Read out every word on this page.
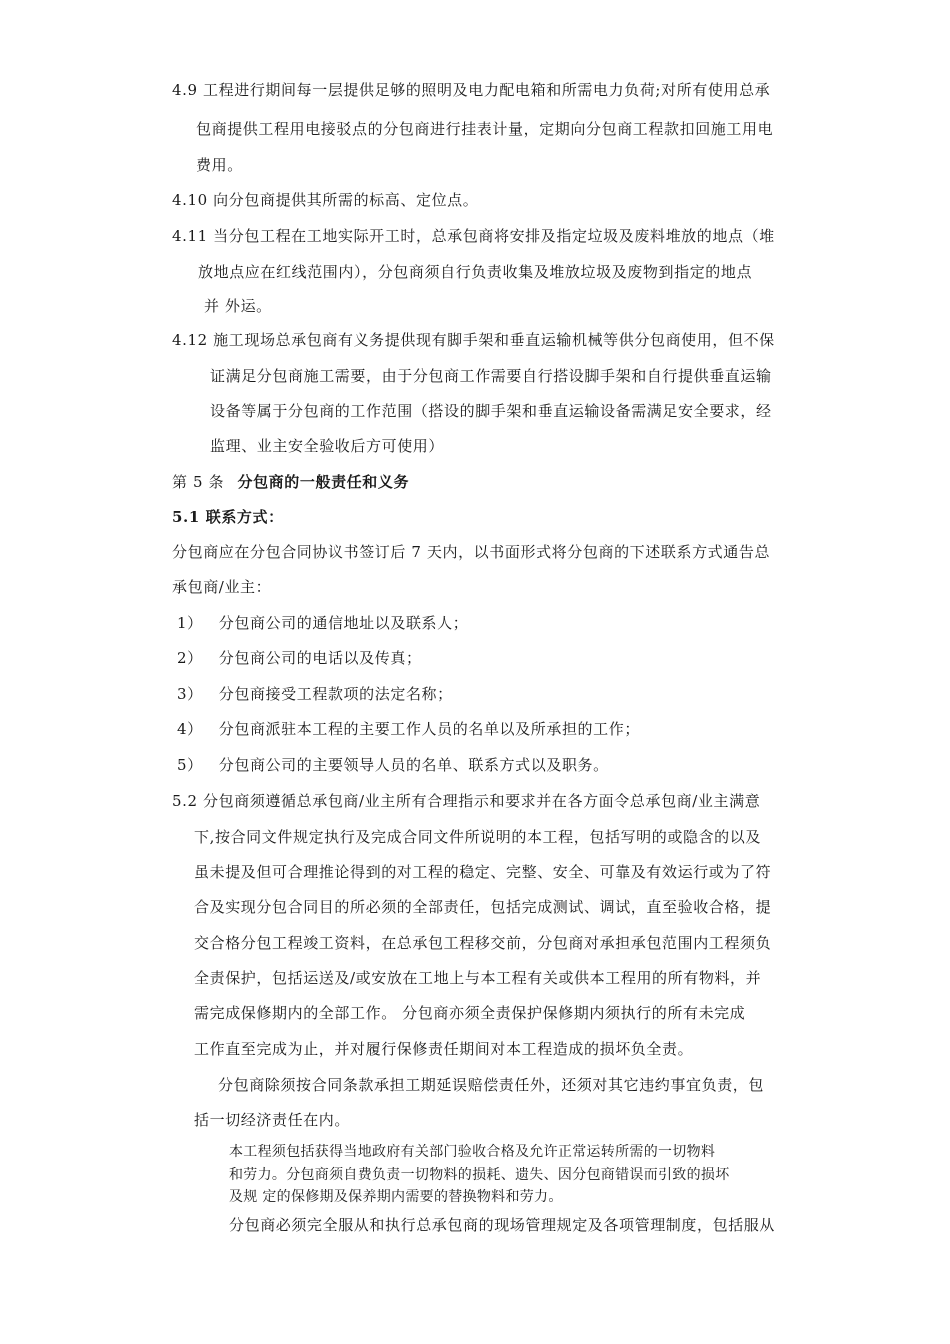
4.9 工程进行期间每一层提供足够的照明及电力配电箱和所需电力负荷;对所有使用总承
包商提供工程用电接驳点的分包商进行挂表计量，定期向分包商工程款扣回施工用电
费用。
4.10 向分包商提供其所需的标高、定位点。
4.11 当分包工程在工地实际开工时，总承包商将安排及指定垃圾及废料堆放的地点（堆
放地点应在红线范围内），分包商须自行负责收集及堆放垃圾及废物到指定的地点
并 外运。
4.12 施工现场总承包商有义务提供现有脚手架和垂直运输机械等供分包商使用，但不保
证满足分包商施工需要，由于分包商工作需要自行搭设脚手架和自行提供垂直运输
设备等属于分包商的工作范围（搭设的脚手架和垂直运输设备需满足安全要求，经
监理、业主安全验收后方可使用）
第 5 条 分包商的一般责任和义务
5.1 联系方式：
分包商应在分包合同协议书签订后 7 天内，以书面形式将分包商的下述联系方式通告总
承包商/业主：
1） 分包商公司的通信地址以及联系人；
2） 分包商公司的电话以及传真；
3） 分包商接受工程款项的法定名称；
4） 分包商派驻本工程的主要工作人员的名单以及所承担的工作；
5） 分包商公司的主要领导人员的名单、联系方式以及职务。
5.2 分包商须遵循总承包商/业主所有合理指示和要求并在各方面令总承包商/业主满意
下,按合同文件规定执行及完成合同文件所说明的本工程，包括写明的或隐含的以及
虽未提及但可合理推论得到的对工程的稳定、完整、安全、可靠及有效运行或为了符
合及实现分包合同目的所必须的全部责任，包括完成测试、调试，直至验收合格，提
交合格分包工程竣工资料，在总承包工程移交前，分包商对承担承包范围内工程须负
全责保护，包括运送及/或安放在工地上与本工程有关或供本工程用的所有物料，并
需完成保修期内的全部工作。 分包商亦须全责保护保修期内须执行的所有未完成
工作直至完成为止，并对履行保修责任期间对本工程造成的损坏负全责。
分包商除须按合同条款承担工期延误赔偿责任外，还须对其它违约事宜负责，包
括一切经济责任在内。
本工程须包括获得当地政府有关部门验收合格及允许正常运转所需的一切物料
和劳力。分包商须自费负责一切物料的损耗、遗失、因分包商错误而引致的损坏
及规 定的保修期及保养期内需要的替换物料和劳力。
分包商必须完全服从和执行总承包商的现场管理规定及各项管理制度，包括服从
